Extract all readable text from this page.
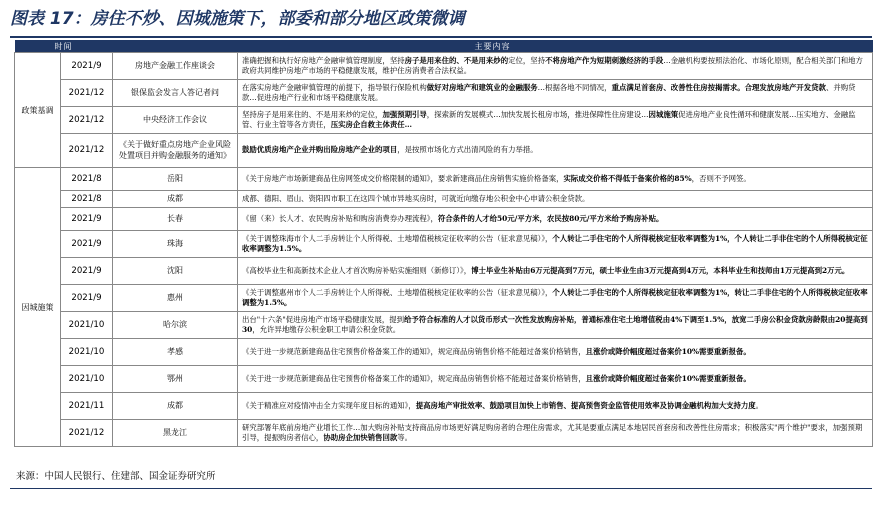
图表 17：房住不炒、因城施策下，部委和部分地区政策微调
时间		主要内容	
政策基调	2021/9	房地产金融工作座谈会	准确把握和执行好房地产金融审慎管理制度，坚持房子是用来住的、不是用来炒的定位，坚持不将房地产作为短期刺激经济的手段…金融机构要按照法治化、市场化原则，配合相关部门和地方政府共同维护房地产市场的平稳健康发展，维护住房消费者合法权益。
	2021/12	银保监会发言人答记者问	在落实房地产金融审慎管理的前提下，指导银行保险机构做好对房地产和建筑业的金融服务…根据各地不同情况，重点满足首套房、改善性住房按揭需求。合理发放房地产开发贷款、并购贷款…促进房地产行业和市场平稳健康发展。
	2021/12	中央经济工作会议	坚持房子是用来住的、不是用来炒的定位，加强预期引导，探索新的发展模式…加快发展长租房市场，推进保障性住房建设…因城施策促进房地产业良性循环和健康发展…压实地方、金融监管、行业主管等各方责任，压实房企自救主体责任…
	2021/12	《关于做好重点房地产企业风险处置项目并购金融服务的通知》	鼓励优质房地产企业并购出险房地产企业的项目，是按照市场化方式出清风险的有力举措。
因城施策	2021/8	岳阳	《关于房地产市场新建商品住房网签成交价格限制的通知》，要求新建商品住房销售实施价格备案，实际成交价格不得低于备案价格的85%，否则不予网签。
	2021/8	成都	成都、德阳、眉山、资阳四市职工在这四个城市异地买房时，可就近向缴存地公积金中心申请公积金贷款。
	2021/9	长春	《留（来）长人才、农民购房补贴和购房消费券办理流程》，符合条件的人才给50元/平方米，农民按80元/平方米给予购房补贴。
	2021/9	珠海	《关于调整珠海市个人二手房转让个人所得税、土地增值税核定征收率的公告（征求意见稿）》，个人转让二手住宅的个人所得税核定征收率调整为1%，个人转让二手非住宅的个人所得税核定征收率调整为1.5%。
	2021/9	沈阳	《高校毕业生和高新技术企业人才首次购房补贴实施细则（新修订）》，博士毕业生补贴由6万元提高到7万元，硕士毕业生由3万元提高到4万元，本科毕业生和技师由1万元提高到2万元。
	2021/9	惠州	《关于调整惠州市个人二手房转让个人所得税、土地增值税核定征收率的公告（征求意见稿）》，个人转让二手住宅的个人所得税核定征收率调整为1%，转让二手非住宅的个人所得税核定征收率调整为1.5%。
	2021/10	哈尔滨	出台"十六条"促进房地产市场平稳健康发展，提到给予符合标准的人才以货币形式一次性发放购房补贴，普通标准住宅土地增值税由4%下调至1.5%，放宽二手房公积金贷款房龄限由20提高到30，允许异地缴存公积金职工申请公积金贷款。
	2021/10	孝感	《关于进一步规范新建商品住宅预售价格备案工作的通知》，规定商品房销售价格不能超过备案价格销售，且涨价或降价幅度超过备案价10%需要重新报备。
	2021/10	鄂州	《关于进一步规范新建商品住宅预售价格备案工作的通知》，规定商品房销售价格不能超过备案价格销售，且涨价或降价幅度超过备案价10%需要重新报备。
	2021/11	成都	《关于精准应对疫情冲击全力实现年度目标的通知》，提高房地产审批效率、鼓励项目加快上市销售、提高预售资金监管使用效率及协调金融机构加大支持力度。
	2021/12	黑龙江	研究部署年底前房地产业增长工作…加大购房补贴支持商品房市场更好满足购房者的合理住房需求，尤其是要重点满足本地居民首套房和改善性住房需求；积极落实"两个维护"要求，加强预期引导，提振购房者信心，协助房企加快销售回款等。
来源：中国人民银行、住建部、国金证券研究所
